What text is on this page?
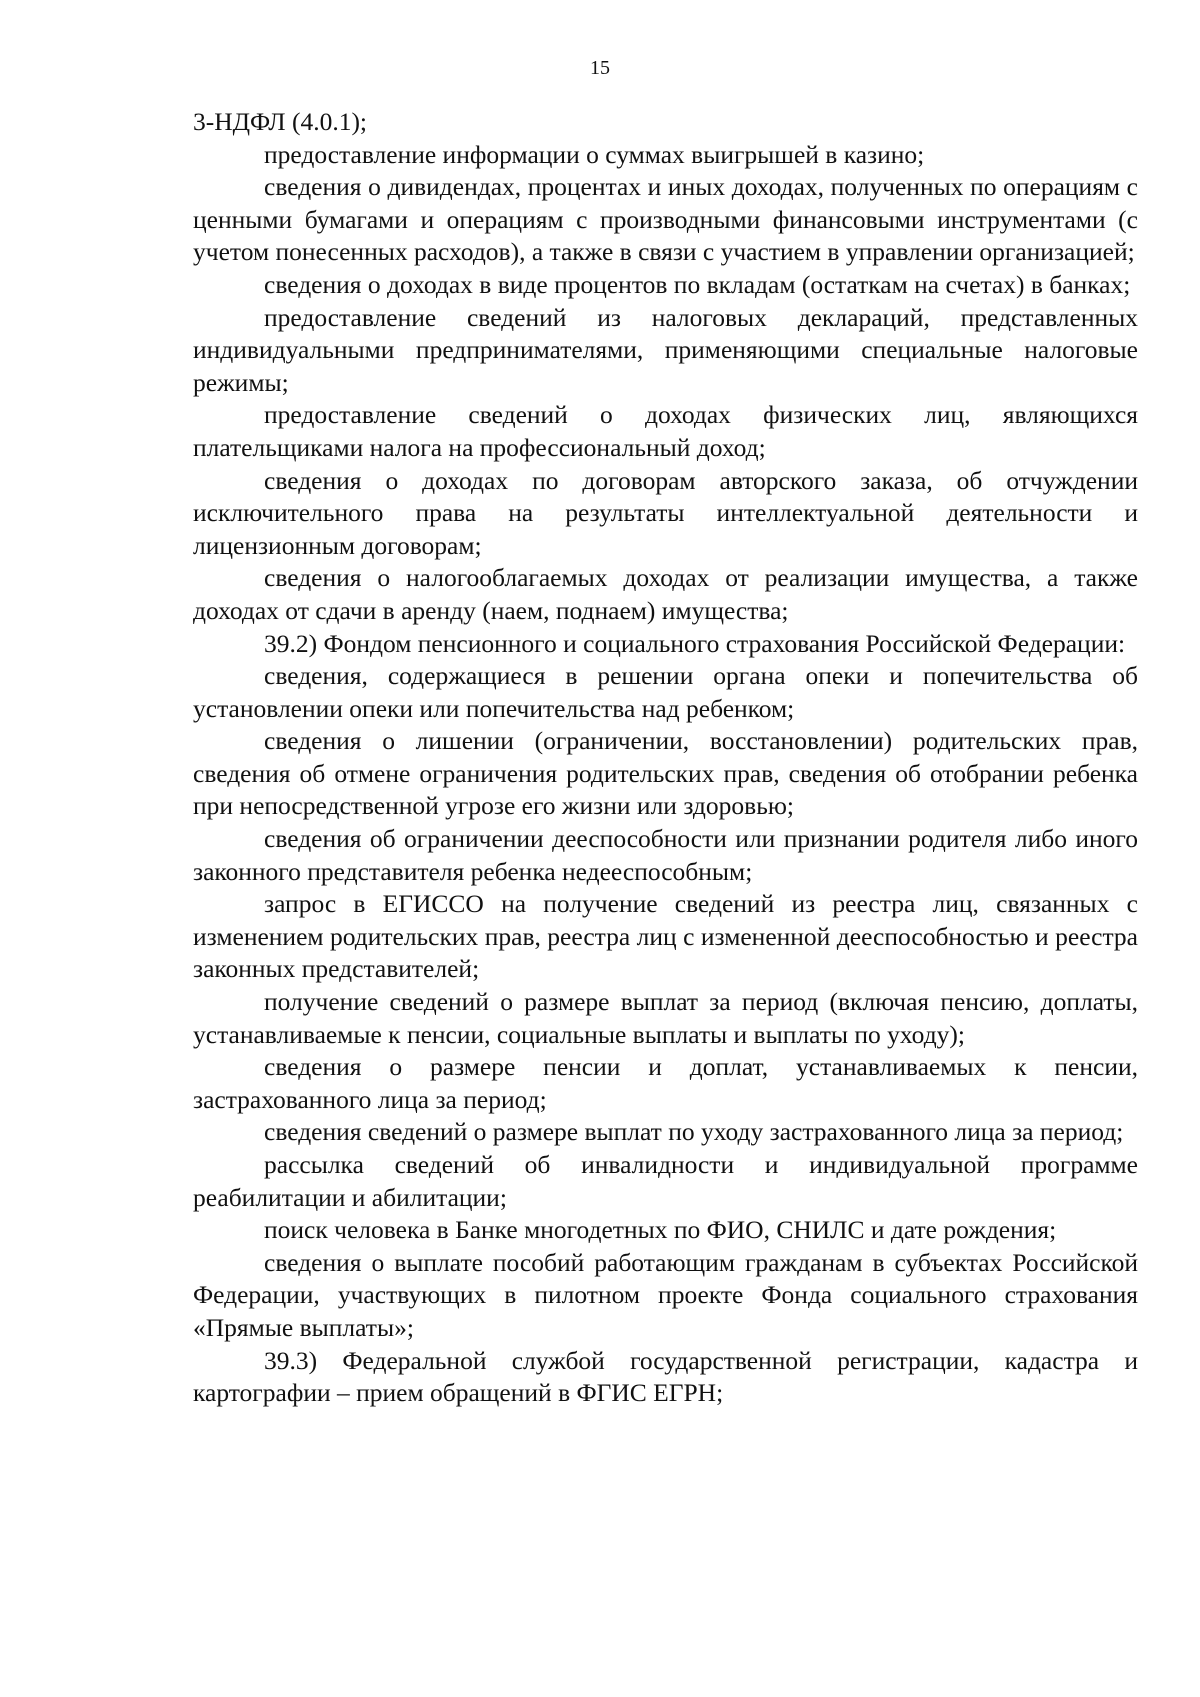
15

3-НДФЛ (4.0.1);

предоставление информации о суммах выигрышей в казино;

сведения о дивидендах, процентах и иных доходах, полученных по операциям с ценными бумагами и операциям с производными финансовыми инструментами (с учетом понесенных расходов), а также в связи с участием в управлении организацией;

сведения о доходах в виде процентов по вкладам (остаткам на счетах) в банках;

предоставление сведений из налоговых деклараций, представленных индивидуальными предпринимателями, применяющими специальные налоговые режимы;

предоставление сведений о доходах физических лиц, являющихся плательщиками налога на профессиональный доход;

сведения о доходах по договорам авторского заказа, об отчуждении исключительного права на результаты интеллектуальной деятельности и лицензионным договорам;

сведения о налогооблагаемых доходах от реализации имущества, а также доходах от сдачи в аренду (наем, поднаем) имущества;

39.2) Фондом пенсионного и социального страхования Российской Федерации:

сведения, содержащиеся в решении органа опеки и попечительства об установлении опеки или попечительства над ребенком;

сведения о лишении (ограничении, восстановлении) родительских прав, сведения об отмене ограничения родительских прав, сведения об отобрании ребенка при непосредственной угрозе его жизни или здоровью;

сведения об ограничении дееспособности или признании родителя либо иного законного представителя ребенка недееспособным;

запрос в ЕГИССО на получение сведений из реестра лиц, связанных с изменением родительских прав, реестра лиц с измененной дееспособностью и реестра законных представителей;

получение сведений о размере выплат за период (включая пенсию, доплаты, устанавливаемые к пенсии, социальные выплаты и выплаты по уходу);

сведения о размере пенсии и доплат, устанавливаемых к пенсии, застрахованного лица за период;

сведения сведений о размере выплат по уходу застрахованного лица за период;

рассылка сведений об инвалидности и индивидуальной программе реабилитации и абилитации;

поиск человека в Банке многодетных по ФИО, СНИЛС и дате рождения;

сведения о выплате пособий работающим гражданам в субъектах Российской Федерации, участвующих в пилотном проекте Фонда социального страхования «Прямые выплаты»;

39.3) Федеральной службой государственной регистрации, кадастра и картографии – прием обращений в ФГИС ЕГРН;
